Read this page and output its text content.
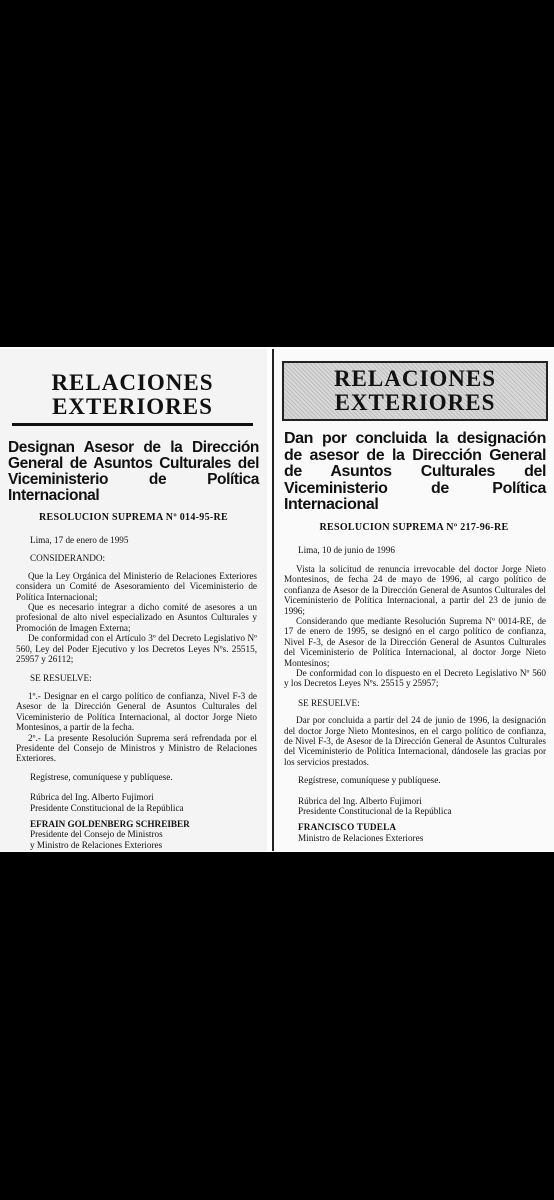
RELACIONES EXTERIORES
Designan Asesor de la Dirección General de Asuntos Culturales del Viceministerio de Política Internacional
RESOLUCION SUPREMA Nº 014-95-RE
Lima, 17 de enero de 1995
CONSIDERANDO:

Que la Ley Orgánica del Ministerio de Relaciones Exteriores considera un Comité de Asesoramiento del Viceministerio de Política Internacional;

Que es necesario integrar a dicho comité de asesores a un profesional de alto nivel especializado en Asuntos Culturales y Promoción de Imagen Externa;

De conformidad con el Artículo 3º del Decreto Legislativo Nº 560, Ley del Poder Ejecutivo y los Decretos Leyes Nºs. 25515, 25957 y 26112;

SE RESUELVE:

1º.- Designar en el cargo político de confianza, Nivel F-3 de Asesor de la Dirección General de Asuntos Culturales del Viceministerio de Política Internacional, al doctor Jorge Nieto Montesinos, a partir de la fecha.

2º.- La presente Resolución Suprema será refrendada por el Presidente del Consejo de Ministros y Ministro de Relaciones Exteriores.

Regístrese, comuníquese y publíquese.
Rúbrica del Ing. Alberto Fujimori
Presidente Constitucional de la República
EFRAIN GOLDENBERG SCHREIBER
Presidente del Consejo de Ministros
y Ministro de Relaciones Exteriores
RELACIONES EXTERIORES
Dan por concluida la designación de asesor de la Dirección General de Asuntos Culturales del Viceministerio de Política Internacional
RESOLUCION SUPREMA Nº 217-96-RE
Lima, 10 de junio de 1996

Vista la solicitud de renuncia irrevocable del doctor Jorge Nieto Montesinos, de fecha 24 de mayo de 1996, al cargo político de confianza de Asesor de la Dirección General de Asuntos Culturales del Viceministerio de Política Internacional, a partir del 23 de junio de 1996;

Considerando que mediante Resolución Suprema Nº 0014-RE, de 17 de enero de 1995, se designó en el cargo político de confianza, Nivel F-3, de Asesor de la Dirección General de Asuntos Culturales del Viceministerio de Política Internacional, al doctor Jorge Nieto Montesinos;

De conformidad con lo dispuesto en el Decreto Legislativo Nº 560 y los Decretos Leyes Nºs. 25515 y 25957;

SE RESUELVE:

Dar por concluida a partir del 24 de junio de 1996, la designación del doctor Jorge Nieto Montesinos, en el cargo político de confianza, de Nivel F-3, de Asesor de la Dirección General de Asuntos Culturales del Viceministerio de Política Internacional, dándosele las gracias por los servicios prestados.

Regístrese, comuníquese y publíquese.
Rúbrica del Ing. Alberto Fujimori
Presidente Constitucional de la República
FRANCISCO TUDELA
Ministro de Relaciones Exteriores
